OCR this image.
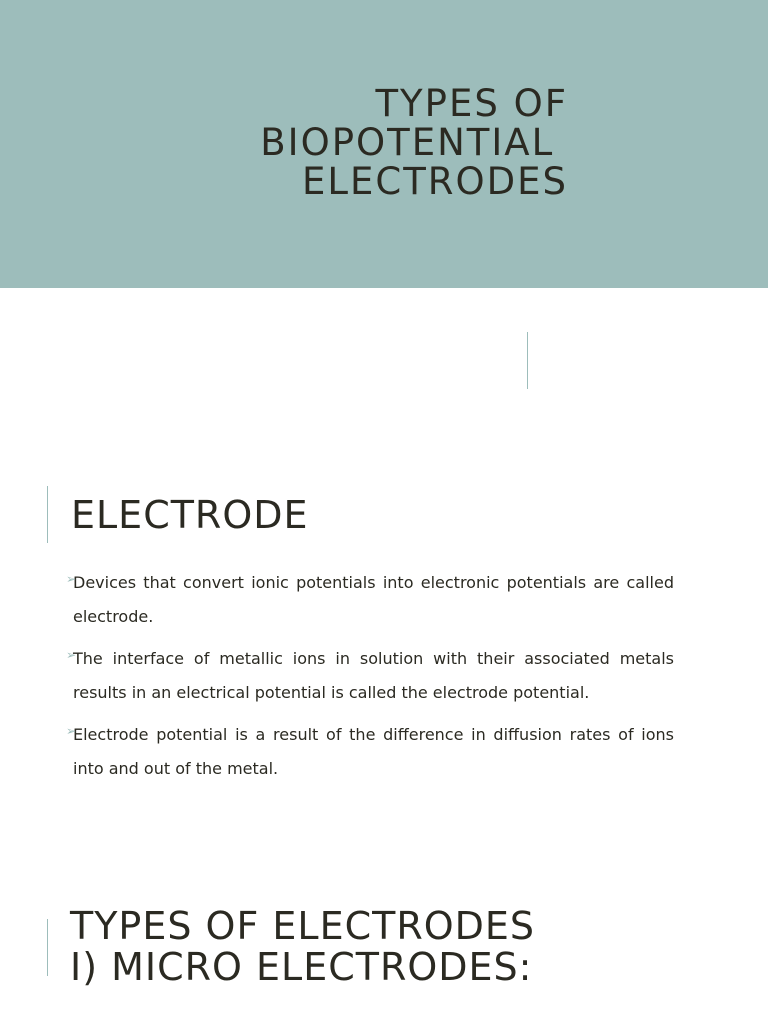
TYPES OF
BIOPOTENTIAL
ELECTRODES
ELECTRODE
➢
Devices that convert ionic potentials into electronic potentials are called electrode.
➢
The interface of metallic ions in solution with their associated metals results in an electrical potential is called the electrode potential.
➢
Electrode potential is a result of the difference in diffusion rates of ions into and out of the metal.
TYPES OF ELECTRODES
I) MICRO ELECTRODES:
